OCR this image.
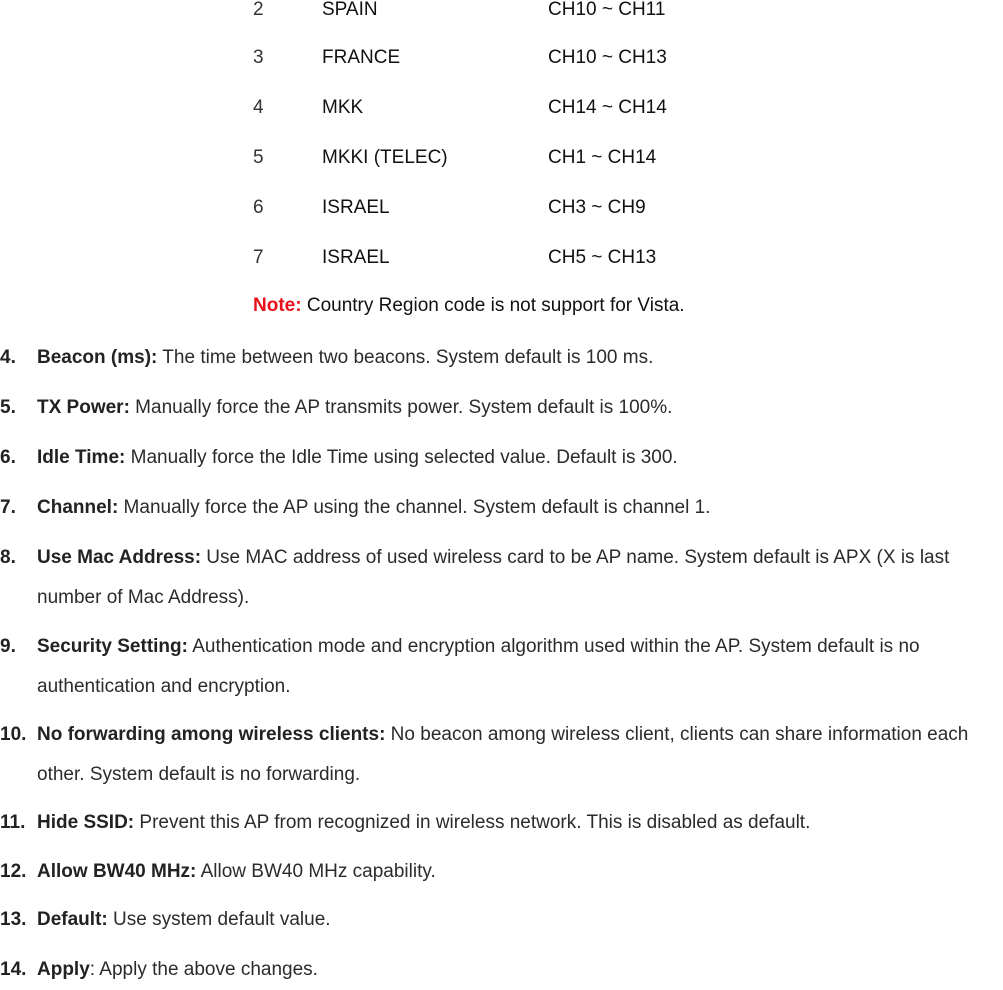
2	SPAIN	CH10 ~ CH11
3	FRANCE	CH10 ~ CH13
4	MKK	CH14 ~ CH14
5	MKKI (TELEC)	CH1 ~ CH14
6	ISRAEL	CH3 ~ CH9
7	ISRAEL	CH5 ~ CH13
Note: Country Region code is not support for Vista.
4. Beacon (ms): The time between two beacons. System default is 100 ms.
5. TX Power: Manually force the AP transmits power. System default is 100%.
6. Idle Time: Manually force the Idle Time using selected value. Default is 300.
7. Channel: Manually force the AP using the channel. System default is channel 1.
8. Use Mac Address: Use MAC address of used wireless card to be AP name. System default is APX (X is last number of Mac Address).
9. Security Setting: Authentication mode and encryption algorithm used within the AP. System default is no authentication and encryption.
10. No forwarding among wireless clients: No beacon among wireless client, clients can share information each other. System default is no forwarding.
11. Hide SSID: Prevent this AP from recognized in wireless network. This is disabled as default.
12. Allow BW40 MHz: Allow BW40 MHz capability.
13. Default: Use system default value.
14. Apply: Apply the above changes.
